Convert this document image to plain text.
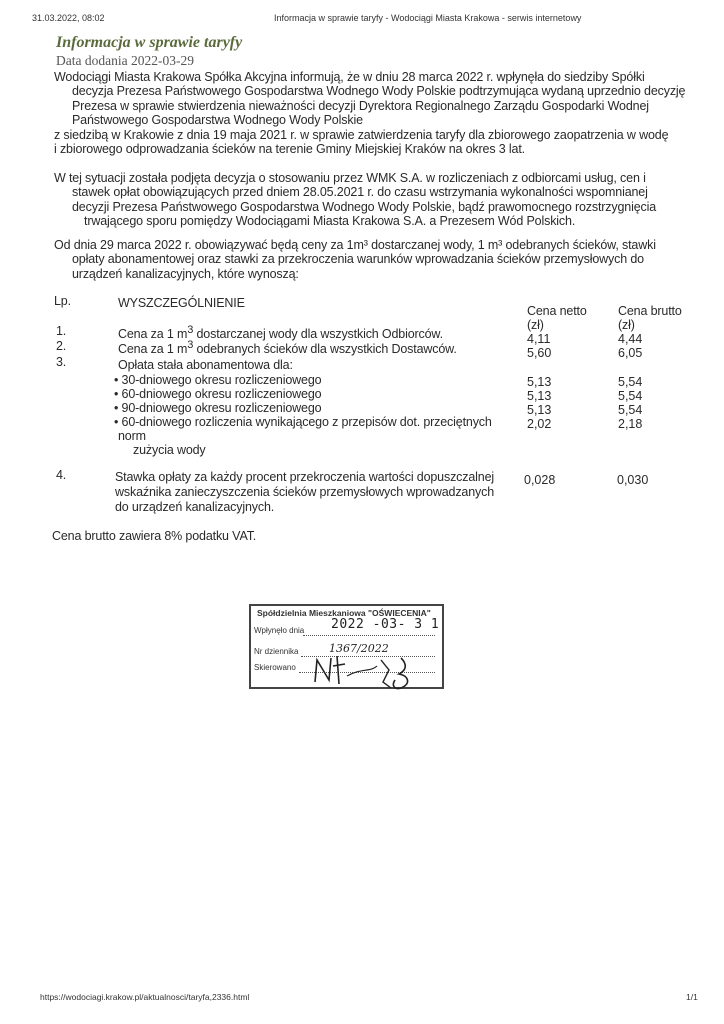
31.03.2022, 08:02	Informacja w sprawie taryfy - Wodociągi Miasta Krakowa - serwis internetowy
Informacja w sprawie taryfy
Data dodania 2022-03-29
Wodociągi Miasta Krakowa Spółka Akcyjna informują, że w dniu 28 marca 2022 r. wpłynęła do siedziby Spółki
decyzja Prezesa Państwowego Gospodarstwa Wodnego Wody Polskie podtrzymująca wydaną uprzednio decyzję
Prezesa w sprawie stwierdzenia nieważności decyzji Dyrektora Regionalnego Zarządu Gospodarki Wodnej
Państwowego Gospodarstwa Wodnego Wody Polskie
z siedzibą w Krakowie z dnia 19 maja 2021 r. w sprawie zatwierdzenia taryfy dla zbiorowego zaopatrzenia w wodę
i zbiorowego odprowadzania ścieków na terenie Gminy Miejskiej Kraków na okres 3 lat.
W tej sytuacji została podjęta decyzja o stosowaniu przez WMK S.A. w rozliczeniach z odbiorcami usług, cen i
stawek opłat obowiązujących przed dniem 28.05.2021 r. do czasu wstrzymania wykonalności wspomnianej
decyzji Prezesa Państwowego Gospodarstwa Wodnego Wody Polskie, bądź prawomocnego rozstrzygnięcia
trwającego sporu pomiędzy Wodociągami Miasta Krakowa S.A. a Prezesem Wód Polskich.
Od dnia 29 marca 2022 r. obowiązywać będą ceny za 1m³ dostarczanej wody, 1 m³ odebranych ścieków, stawki
opłaty abonamentowej oraz stawki za przekroczenia warunków wprowadzania ścieków przemysłowych do
urządzeń kanalizacyjnych, które wynoszą:
Lp.	WYSZCZEGÓLNIENIE
Cena netto
(zł)
Cena brutto
(zł)
1.	Cena za 1 $m^3$ dostarczanej wody dla wszystkich Odbiorców.	4,11	4,44
2.	Cena za 1 $m^3$ odebranych ścieków dla wszystkich Dostawców.	5,60	6,05
3.	Opłata stała abonamentowa dla:
• 30-dniowego okresu rozliczeniowego	5,13	5,54
• 60-dniowego okresu rozliczeniowego	5,13	5,54
• 90-dniowego okresu rozliczeniowego	5,13	5,54
• 60-dniowego rozliczenia wynikającego z przepisów dot. przeciętnych	2,02	2,18
norm
zużycia wody
4.	Stawka opłaty za każdy procent przekroczenia wartości dopuszczalnej
wskaźnika zanieczyszczenia ścieków przemysłowych wprowadzanych
do urządzeń kanalizacyjnych.
0,028	0,030
Cena brutto zawiera 8% podatku VAT.
Spółdzielnia Mieszkaniowa "OŚWIECENIA"
Wpłynęło dnia 2022 -03- 3 1
Nr dziennika	1367/2022
Skierowano
https://wodociagi.krakow.pl/aktualnosci/taryfa,2336.html	1/1
